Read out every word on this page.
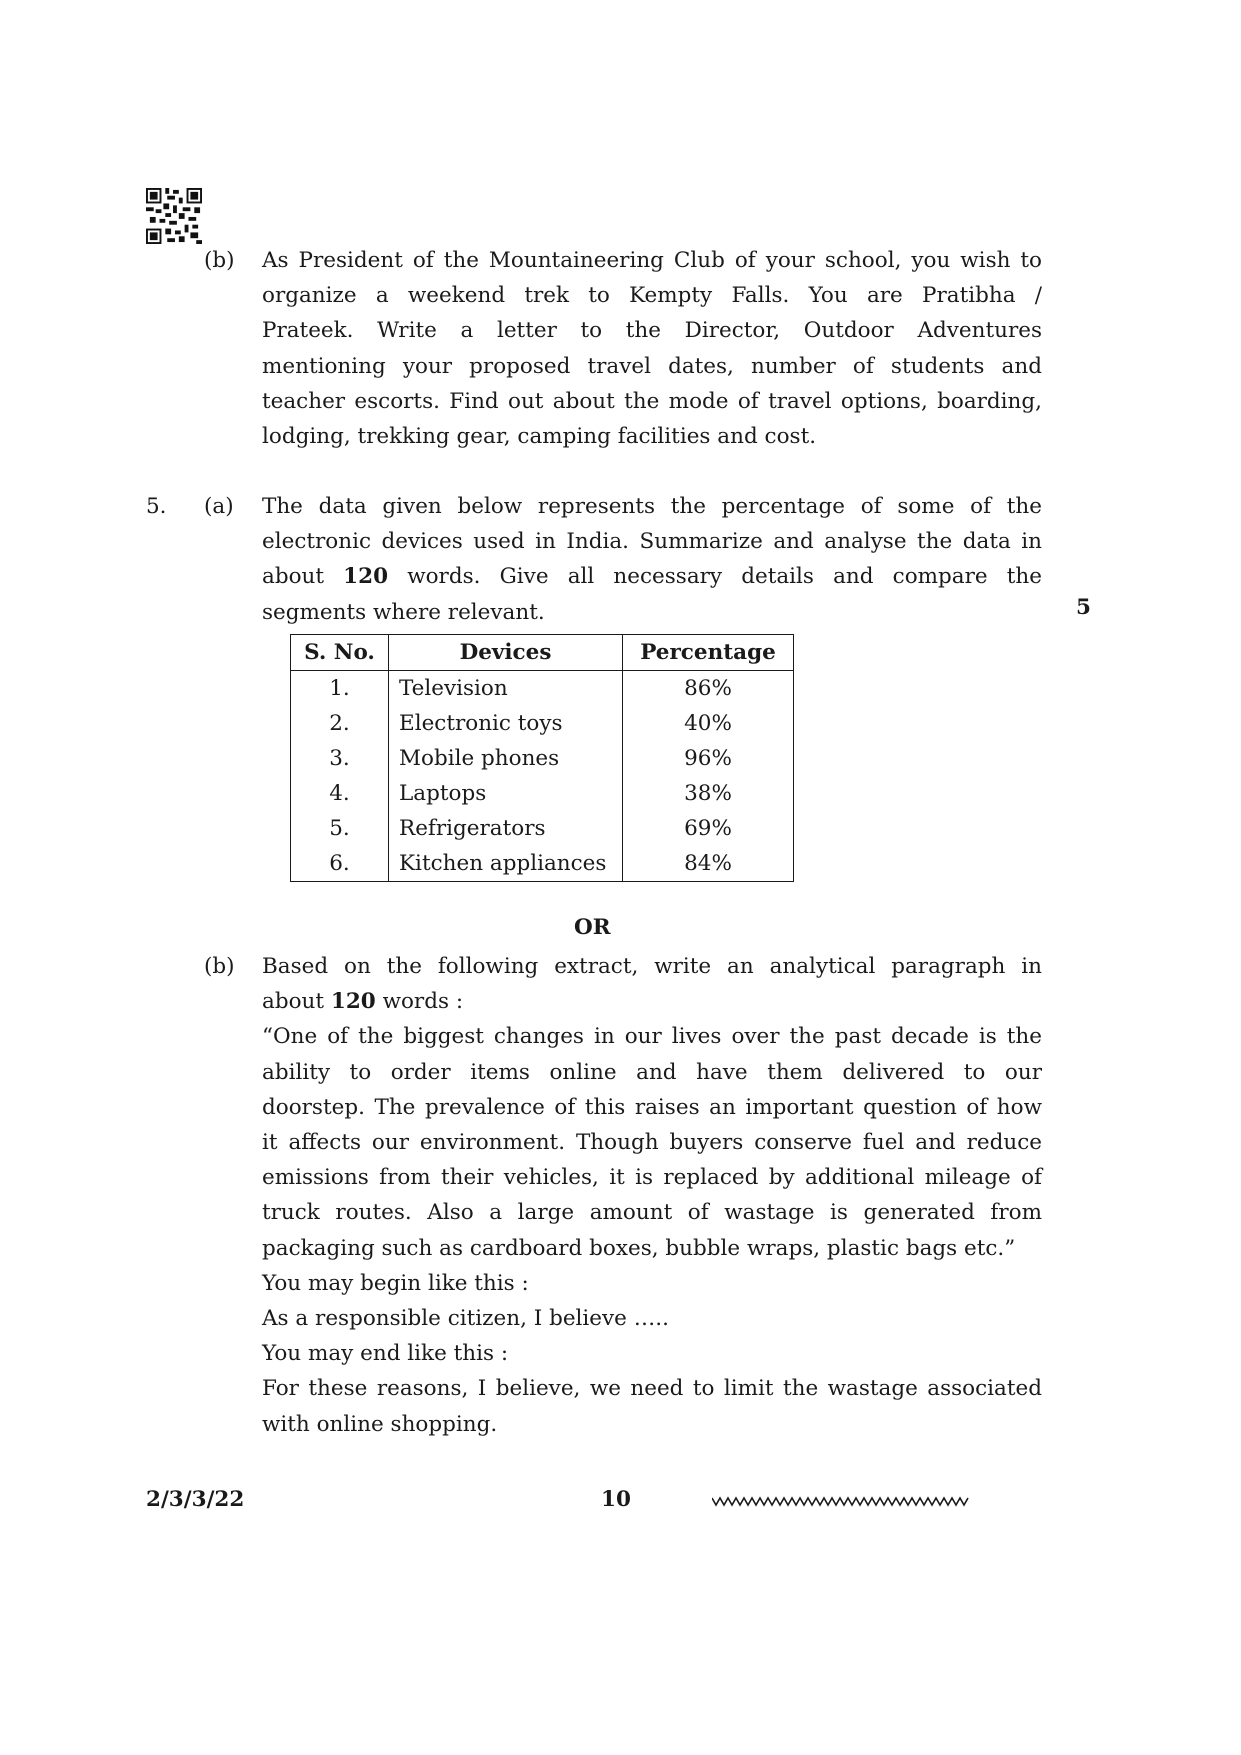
(b) As President of the Mountaineering Club of your school, you wish to
organize a weekend trek to Kempty Falls. You are Pratibha /
Prateek. Write a letter to the Director, Outdoor Adventures
mentioning your proposed travel dates, number of students and
teacher escorts. Find out about the mode of travel options, boarding,
lodging, trekking gear, camping facilities and cost.
5. (a) The data given below represents the percentage of some of the
electronic devices used in India. Summarize and analyse the data in
about 120 words. Give all necessary details and compare the
segments where relevant.	5
S. No.	Devices	Percentage
1.	Television	86%
2.	Electronic toys	40%
3.	Mobile phones	96%
4.	Laptops	38%
5.	Refrigerators	69%
6.	Kitchen appliances	84%
OR
(b) Based on the following extract, write an analytical paragraph in
about 120 words :
“One of the biggest changes in our lives over the past decade is the
ability to order items online and have them delivered to our
doorstep. The prevalence of this raises an important question of how
it affects our environment. Though buyers conserve fuel and reduce
emissions from their vehicles, it is replaced by additional mileage of
truck routes. Also a large amount of wastage is generated from
packaging such as cardboard boxes, bubble wraps, plastic bags etc.”
You may begin like this :
As a responsible citizen, I believe …..
You may end like this :
For these reasons, I believe, we need to limit the wastage associated
with online shopping.
2/3/3/22	10
